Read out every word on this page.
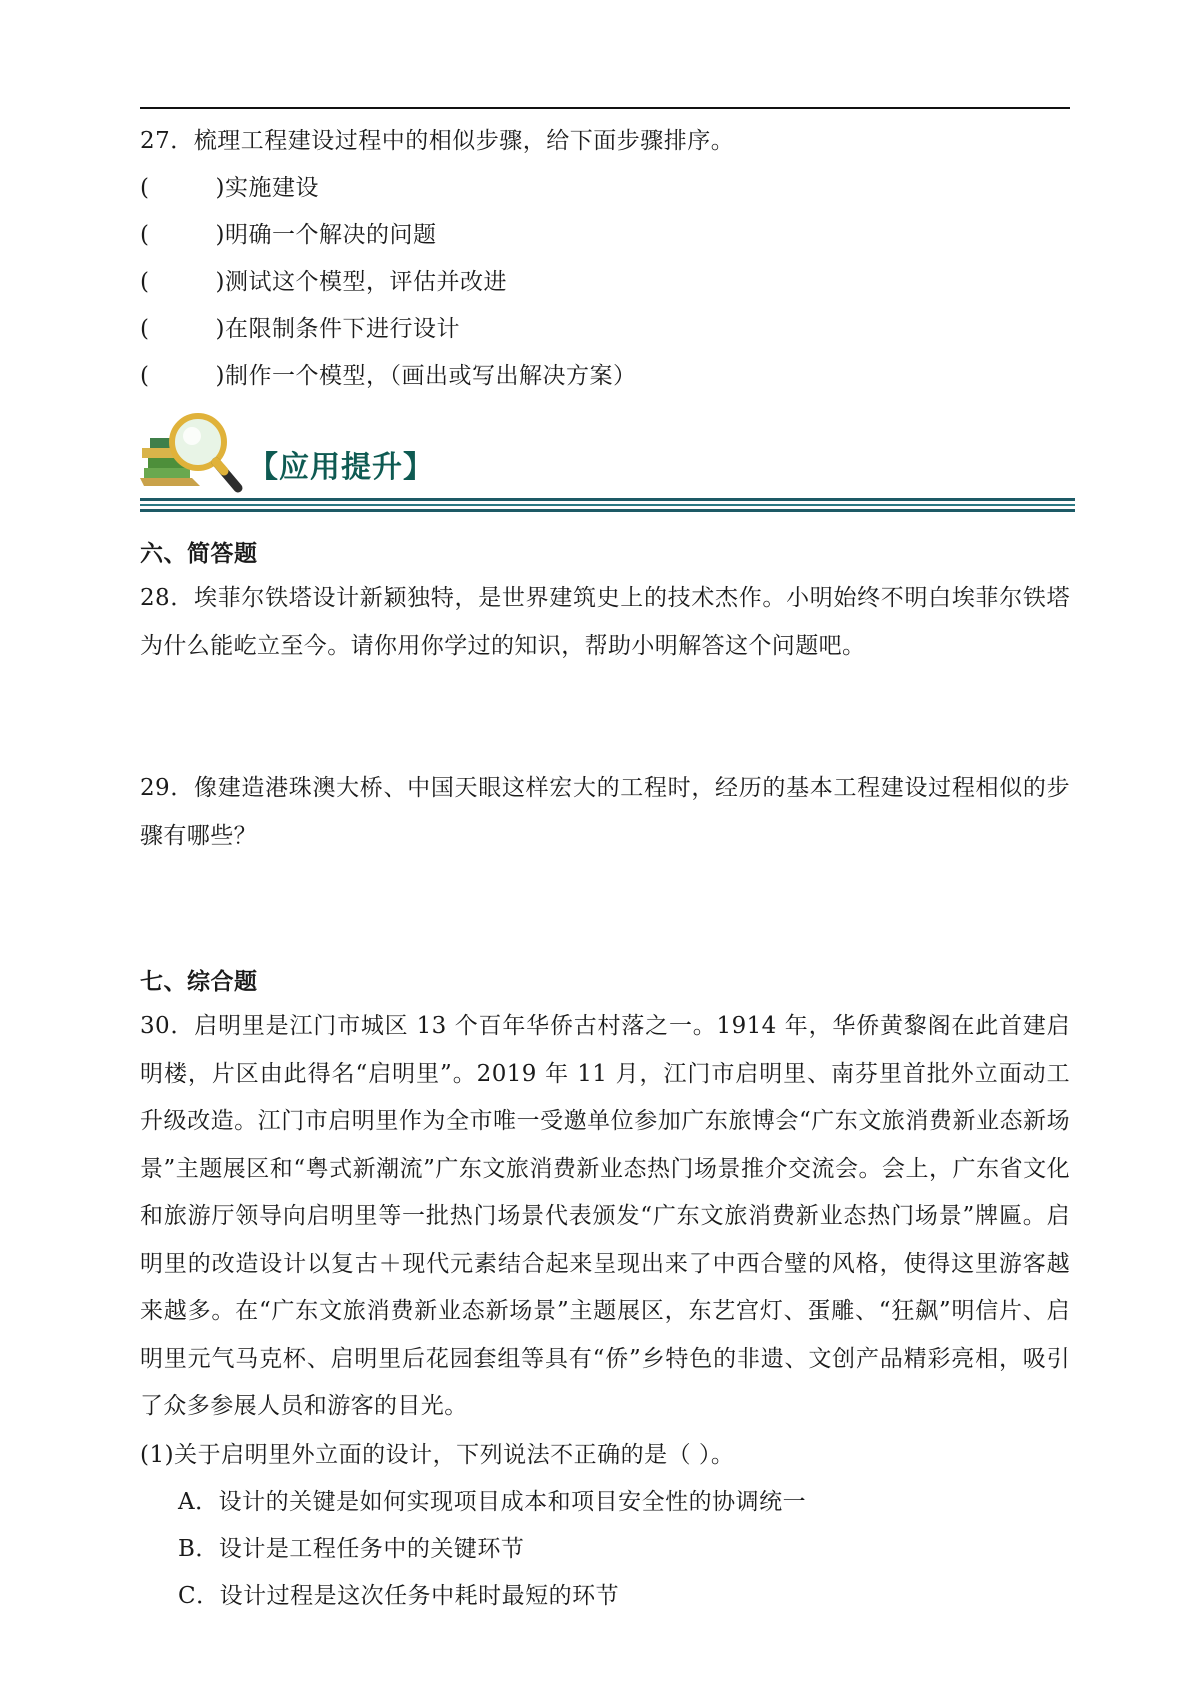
27．梳理工程建设过程中的相似步骤，给下面步骤排序。
(	)实施建设
(	)明确一个解决的问题
(	)测试这个模型，评估并改进
(	)在限制条件下进行设计
(	)制作一个模型，（画出或写出解决方案）
【应用提升】
六、简答题
28．埃菲尔铁塔设计新颖独特，是世界建筑史上的技术杰作。小明始终不明白埃菲尔铁塔为什么能屹立至今。请你用你学过的知识，帮助小明解答这个问题吧。
29．像建造港珠澳大桥、中国天眼这样宏大的工程时，经历的基本工程建设过程相似的步骤有哪些？
七、综合题
30．启明里是江门市城区 13 个百年华侨古村落之一。1914 年，华侨黄黎阁在此首建启明楼，片区由此得名“启明里”。2019 年 11 月，江门市启明里、南芬里首批外立面动工升级改造。江门市启明里作为全市唯一受邀单位参加广东旅博会“广东文旅消费新业态新场景”主题展区和“粤式新潮流”广东文旅消费新业态热门场景推介交流会。会上，广东省文化和旅游厅领导向启明里等一批热门场景代表颁发“广东文旅消费新业态热门场景”牌匾。启明里的改造设计以复古＋现代元素结合起来呈现出来了中西合璧的风格，使得这里游客越来越多。在“广东文旅消费新业态新场景”主题展区，东艺宫灯、蛋雕、“狂飙”明信片、启明里元气马克杯、启明里后花园套组等具有“侨”乡特色的非遗、文创产品精彩亮相，吸引了众多参展人员和游客的目光。
(1)关于启明里外立面的设计，下列说法不正确的是（ ）。
A．设计的关键是如何实现项目成本和项目安全性的协调统一
B．设计是工程任务中的关键环节
C．设计过程是这次任务中耗时最短的环节
